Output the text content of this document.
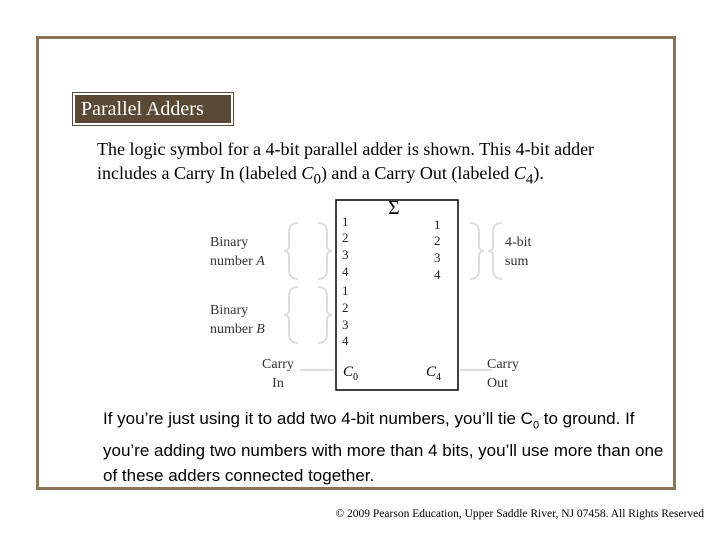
Parallel Adders
The logic symbol for a 4-bit parallel adder is shown. This 4-bit adder
includes a Carry In (labeled $C_0$) and a Carry Out (labeled $C_4$).
Σ
Binary
number A
Binary
number B
Carry
In
4-bit
sum
Carry
Out
1
2
3
4
1
2
3
4
1
2
3
4
$C_0$	$C_4$
If you’re just using it to add two 4-bit numbers, you’ll tie $C_0$ to ground. If you’re adding two numbers with more than 4 bits, you’ll use more than one of these adders connected together.
© 2009 Pearson Education, Upper Saddle River, NJ 07458. All Rights Reserved
